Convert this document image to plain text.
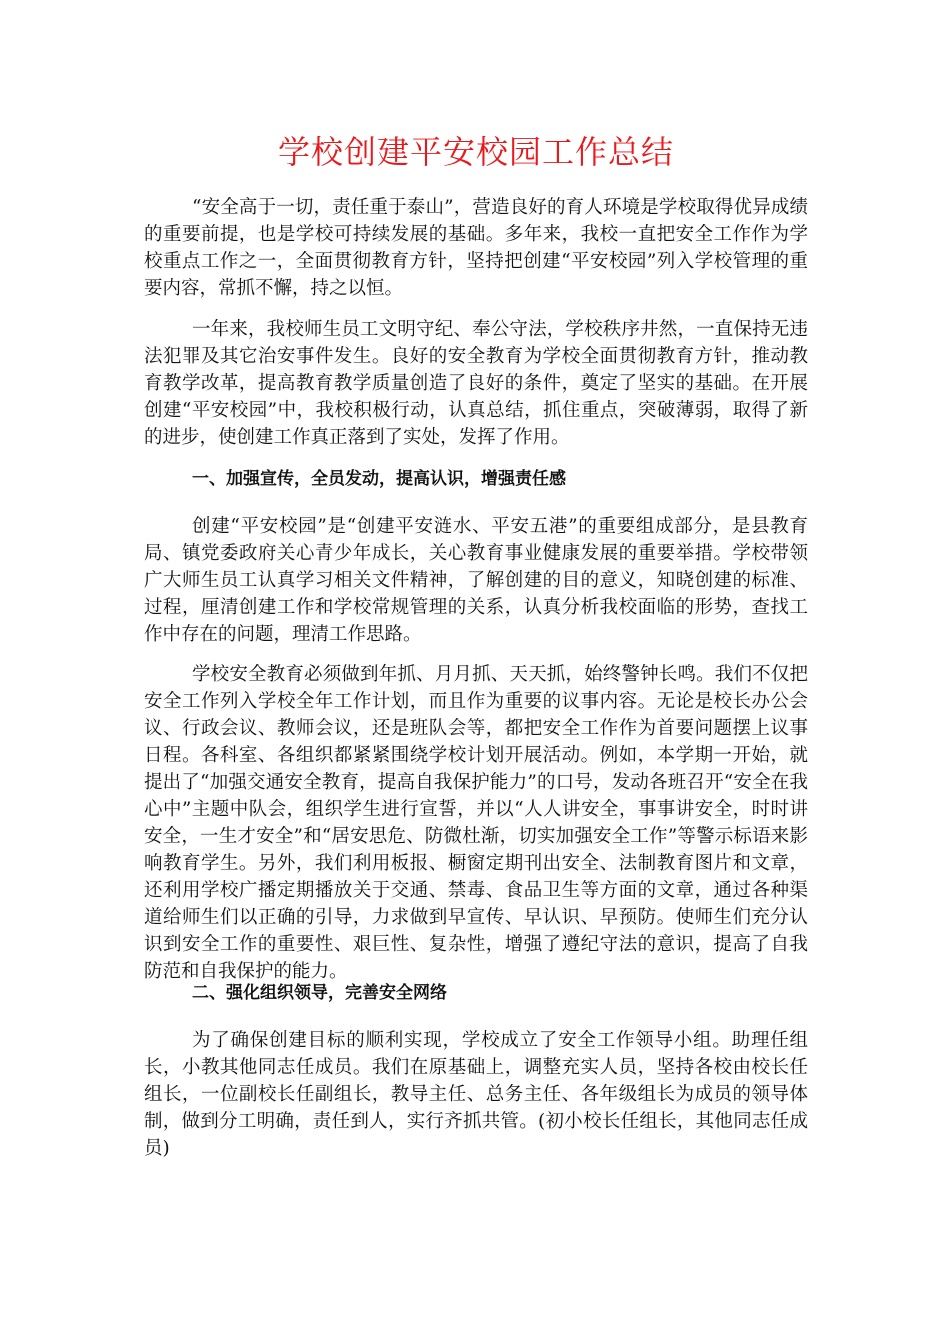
学校创建平安校园工作总结

“安全高于一切，责任重于泰山”，营造良好的育人环境是学校取得优异成绩的重要前提，也是学校可持续发展的基础。多年来，我校一直把安全工作作为学校重点工作之一，全面贯彻教育方针，坚持把创建“平安校园”列入学校管理的重要内容，常抓不懈，持之以恒。

一年来，我校师生员工文明守纪、奉公守法，学校秩序井然，一直保持无违法犯罪及其它治安事件发生。良好的安全教育为学校全面贯彻教育方针，推动教育教学改革，提高教育教学质量创造了良好的条件，奠定了坚实的基础。在开展创建“平安校园”中，我校积极行动，认真总结，抓住重点，突破薄弱，取得了新的进步，使创建工作真正落到了实处，发挥了作用。

一、加强宣传，全员发动，提高认识，增强责任感

创建“平安校园”是“创建平安涟水、平安五港”的重要组成部分，是县教育局、镇党委政府关心青少年成长，关心教育事业健康发展的重要举措。学校带领广大师生员工认真学习相关文件精神，了解创建的目的意义，知晓创建的标准、过程，厘清创建工作和学校常规管理的关系，认真分析我校面临的形势，查找工作中存在的问题，理清工作思路。

学校安全教育必须做到年抓、月月抓、天天抓，始终警钟长鸣。我们不仅把安全工作列入学校全年工作计划，而且作为重要的议事内容。无论是校长办公会议、行政会议、教师会议，还是班队会等，都把安全工作作为首要问题摆上议事日程。各科室、各组织都紧紧围绕学校计划开展活动。例如，本学期一开始，就提出了“加强交通安全教育，提高自我保护能力”的口号，发动各班召开“安全在我心中”主题中队会，组织学生进行宣誓，并以“人人讲安全，事事讲安全，时时讲安全，一生才安全”和“居安思危、防微杜渐，切实加强安全工作”等警示标语来影响教育学生。另外，我们利用板报、橱窗定期刊出安全、法制教育图片和文章，还利用学校广播定期播放关于交通、禁毒、食品卫生等方面的文章，通过各种渠道给师生们以正确的引导，力求做到早宣传、早认识、早预防。使师生们充分认识到安全工作的重要性、艰巨性、复杂性，增强了遵纪守法的意识，提高了自我防范和自我保护的能力。

二、强化组织领导，完善安全网络

为了确保创建目标的顺利实现，学校成立了安全工作领导小组。助理任组长，小教其他同志任成员。我们在原基础上，调整充实人员，坚持各校由校长任组长，一位副校长任副组长，教导主任、总务主任、各年级组长为成员的领导体制，做到分工明确，责任到人，实行齐抓共管。(初小校长任组长，其他同志任成员)
